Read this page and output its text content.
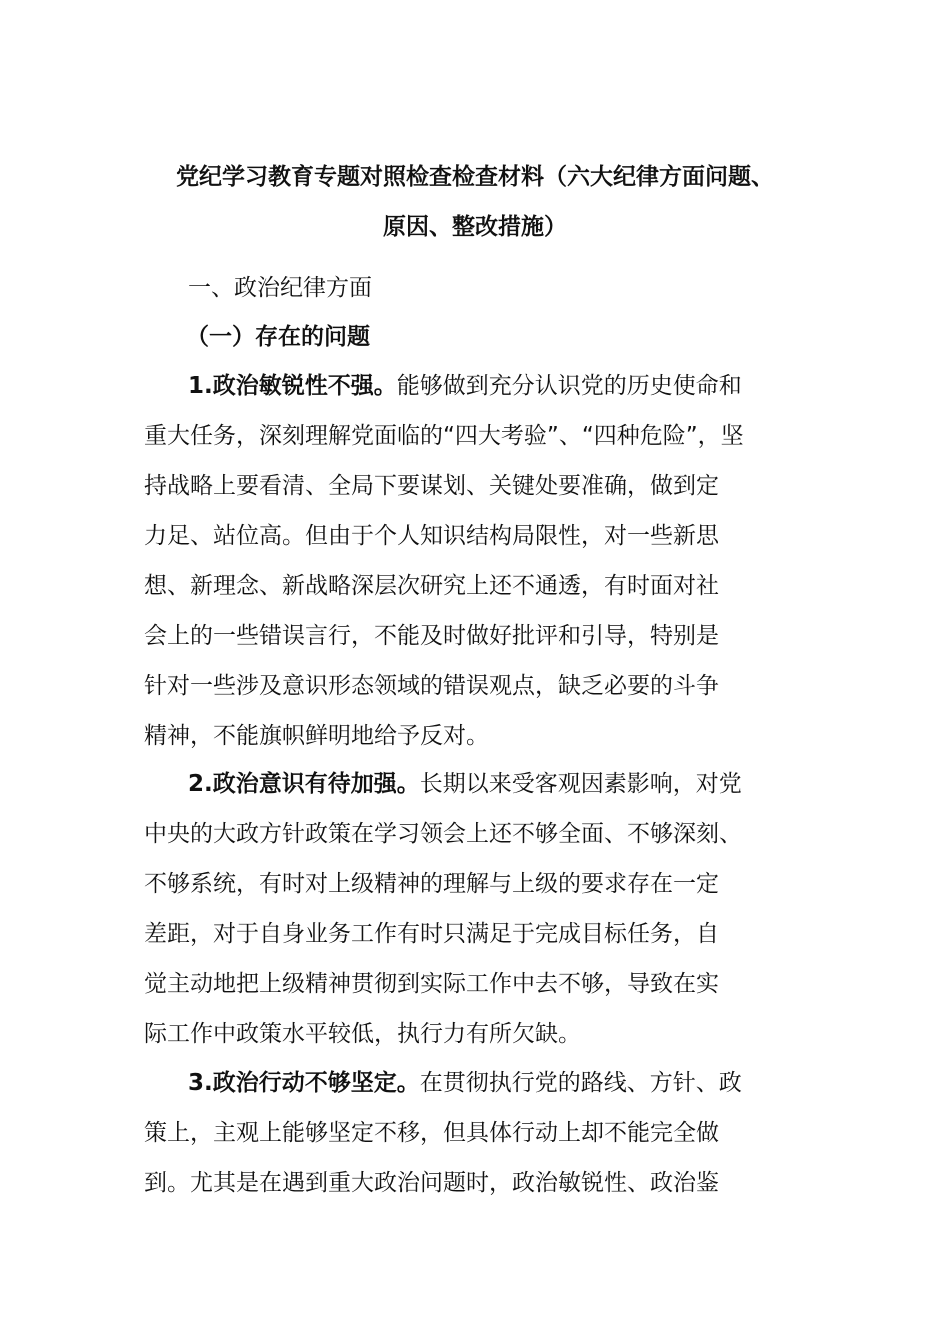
党纪学习教育专题对照检查检查材料（六大纪律方面问题、
原因、整改措施）

一、政治纪律方面

（一）存在的问题

1.政治敏锐性不强。能够做到充分认识党的历史使命和
重大任务，深刻理解党面临的“四大考验”、“四种危险”，坚
持战略上要看清、全局下要谋划、关键处要准确，做到定
力足、站位高。但由于个人知识结构局限性，对一些新思
想、新理念、新战略深层次研究上还不通透，有时面对社
会上的一些错误言行，不能及时做好批评和引导，特别是
针对一些涉及意识形态领域的错误观点，缺乏必要的斗争
精神，不能旗帜鲜明地给予反对。
2.政治意识有待加强。长期以来受客观因素影响，对党
中央的大政方针政策在学习领会上还不够全面、不够深刻、
不够系统，有时对上级精神的理解与上级的要求存在一定
差距，对于自身业务工作有时只满足于完成目标任务，自
觉主动地把上级精神贯彻到实际工作中去不够，导致在实
际工作中政策水平较低，执行力有所欠缺。
3.政治行动不够坚定。在贯彻执行党的路线、方针、政
策上，主观上能够坚定不移，但具体行动上却不能完全做
到。尤其是在遇到重大政治问题时，政治敏锐性、政治鉴
